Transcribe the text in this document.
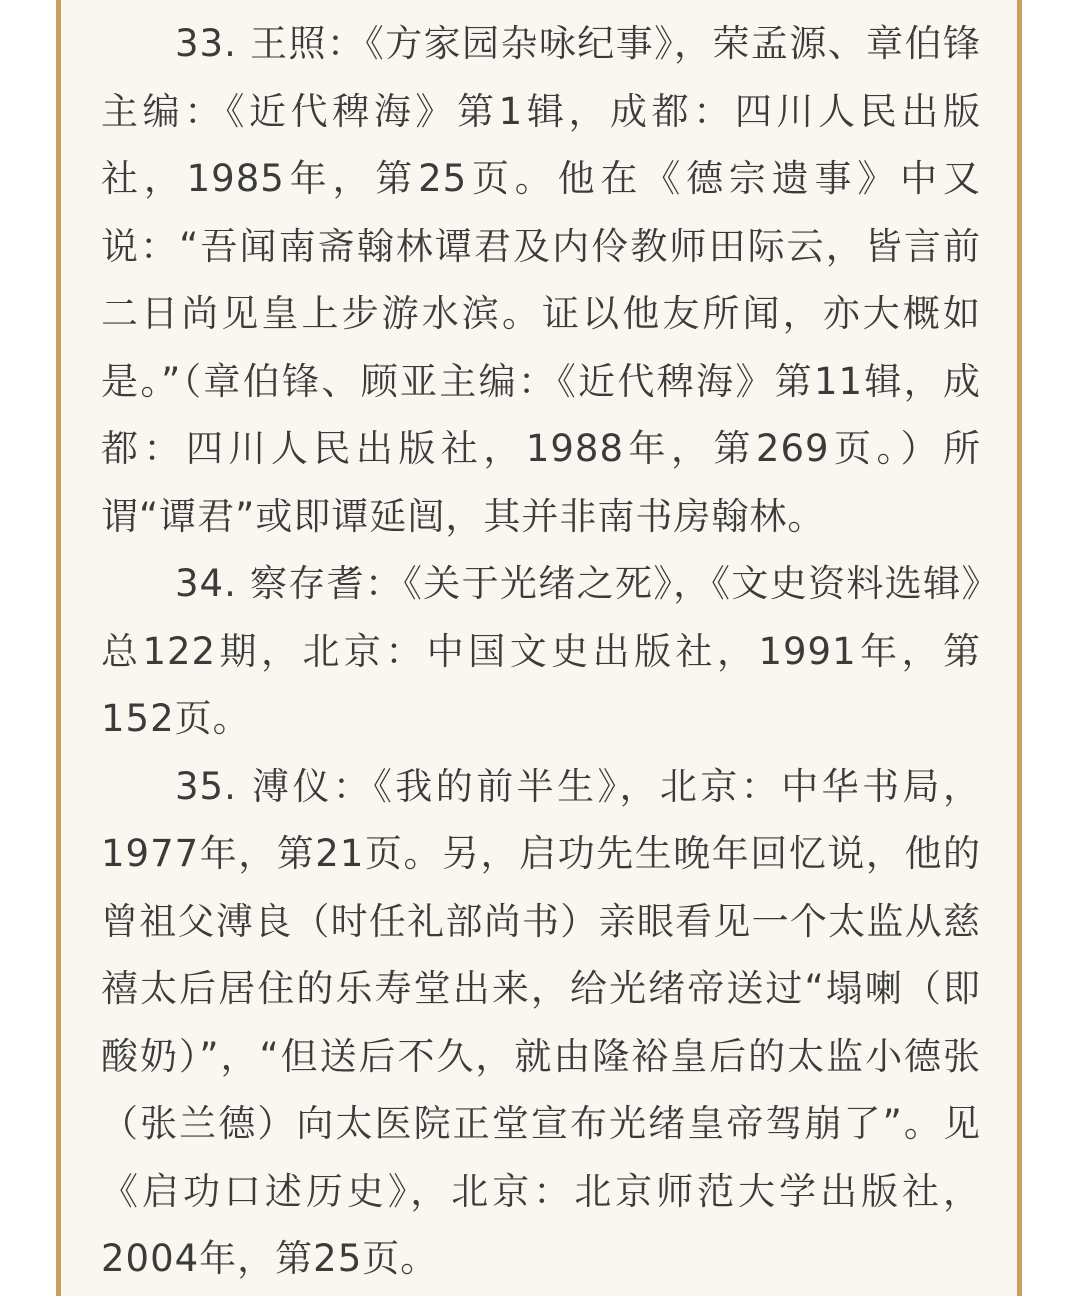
33. 王照：《方家园杂咏纪事》，荣孟源、章伯锋主编：《近代稗海》第1辑，成都：四川人民出版社，1985年，第25页。他在《德宗遗事》中又说：“吾闻南斋翰林谭君及内伶教师田际云，皆言前二日尚见皇上步游水滨。证以他友所闻，亦大概如是。”（章伯锋、顾亚主编：《近代稗海》第11辑，成都：四川人民出版社，1988年，第269页。）所谓“谭君”或即谭延闿，其并非南书房翰林。

34. 察存耆：《关于光绪之死》，《文史资料选辑》总122期，北京：中国文史出版社，1991年，第152页。

35. 溥仪：《我的前半生》，北京：中华书局，1977年，第21页。另，启功先生晚年回忆说，他的曾祖父溥良（时任礼部尚书）亲眼看见一个太监从慈禧太后居住的乐寿堂出来，给光绪帝送过“塌喇（即酸奶）”，“但送后不久，就由隆裕皇后的太监小德张（张兰德）向太医院正堂宣布光绪皇帝驾崩了”。见《启功口述历史》，北京：北京师范大学出版社，2004年，第25页。
